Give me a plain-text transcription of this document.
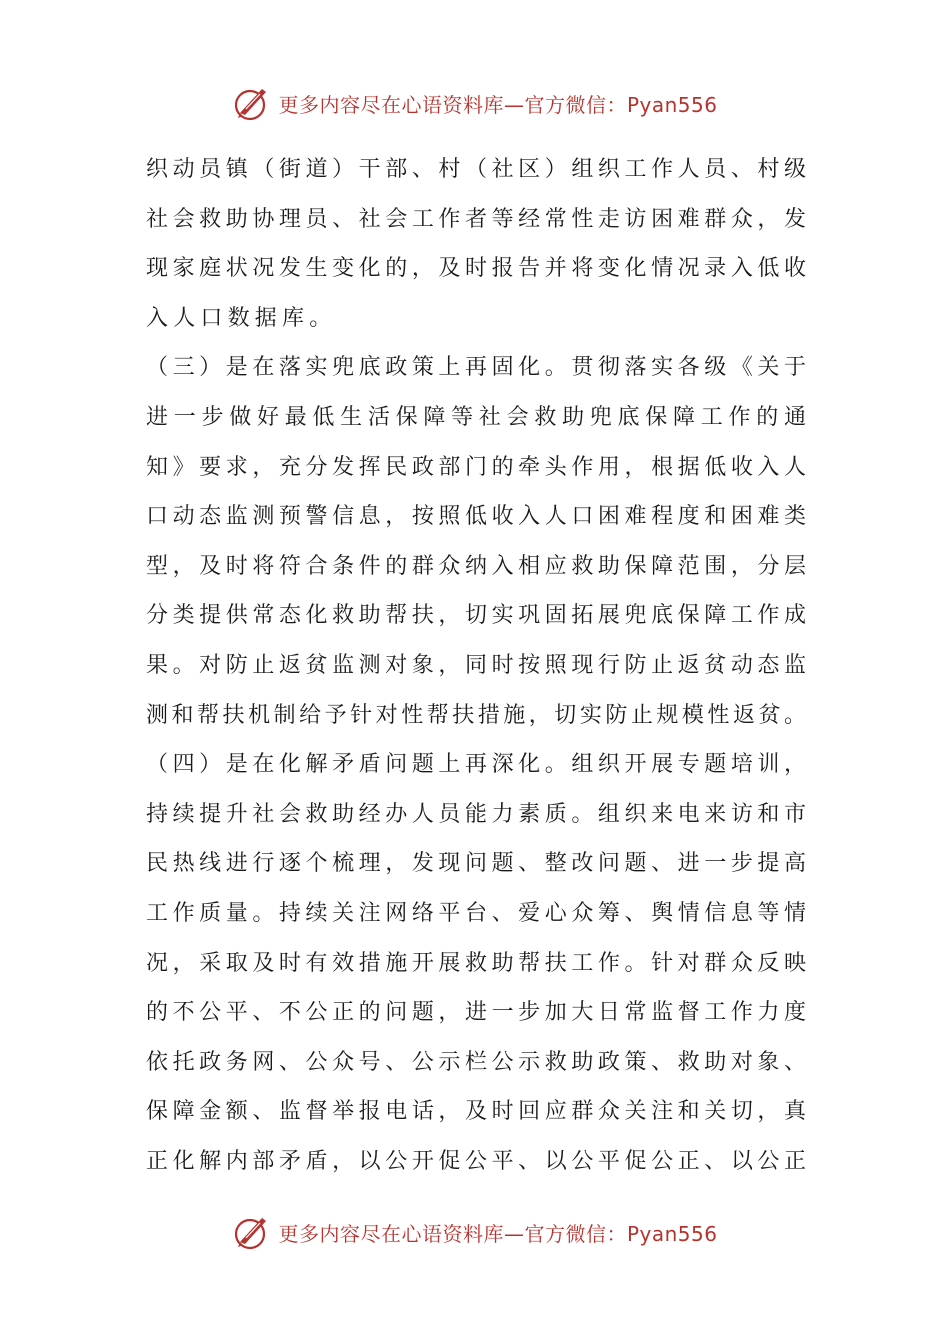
更多内容尽在心语资料库—官方微信：Pyan556
织动员镇（街道）干部、村（社区）组织工作人员、村级
社会救助协理员、社会工作者等经常性走访困难群众，发
现家庭状况发生变化的，及时报告并将变化情况录入低收
入人口数据库。
（三）是在落实兜底政策上再固化。贯彻落实各级《关于
进一步做好最低生活保障等社会救助兜底保障工作的通
知》要求，充分发挥民政部门的牵头作用，根据低收入人
口动态监测预警信息，按照低收入人口困难程度和困难类
型，及时将符合条件的群众纳入相应救助保障范围，分层
分类提供常态化救助帮扶，切实巩固拓展兜底保障工作成
果。对防止返贫监测对象，同时按照现行防止返贫动态监
测和帮扶机制给予针对性帮扶措施，切实防止规模性返贫。
（四）是在化解矛盾问题上再深化。组织开展专题培训，
持续提升社会救助经办人员能力素质。组织来电来访和市
民热线进行逐个梳理，发现问题、整改问题、进一步提高
工作质量。持续关注网络平台、爱心众筹、舆情信息等情
况，采取及时有效措施开展救助帮扶工作。针对群众反映
的不公平、不公正的问题，进一步加大日常监督工作力度
依托政务网、公众号、公示栏公示救助政策、救助对象、
保障金额、监督举报电话，及时回应群众关注和关切，真
正化解内部矛盾，以公开促公平、以公平促公正、以公正
更多内容尽在心语资料库—官方微信：Pyan556
